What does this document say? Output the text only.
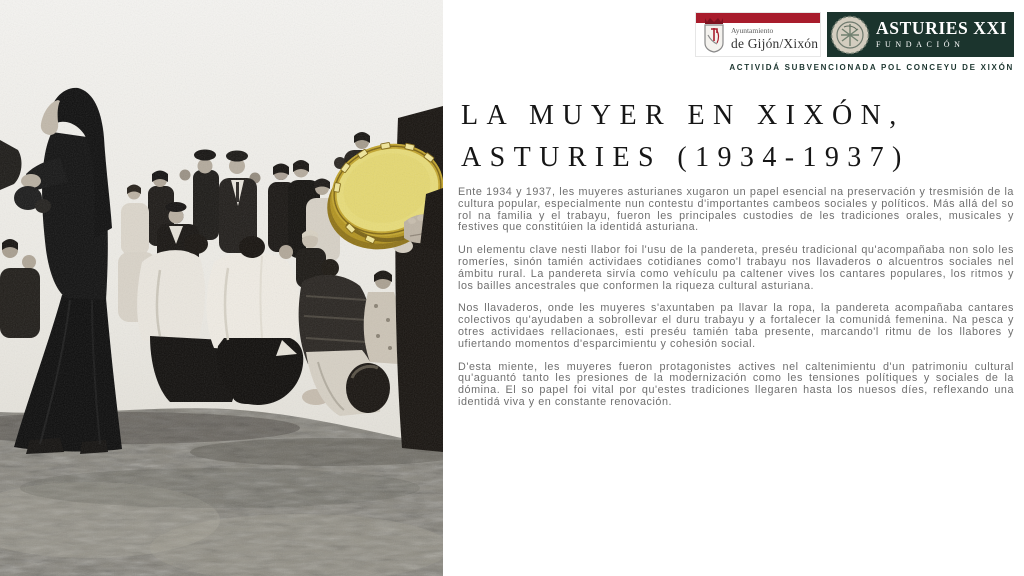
Ayuntamiento
de Gijón/Xixón
ASTURIES XXI
FUNDACIÓN
ACTIVIDÁ SUBVENCIONADA POL CONCEYU DE XIXÓN
LA MUYER EN XIXÓN,
ASTURIES (1934-1937)

Ente 1934 y 1937, les muyeres asturianes xugaron un papel esencial na preservación y tresmisión de la cultura popular, especialmente nun contestu d'importantes cambeos sociales y políticos. Más allá del so rol na familia y el trabayu, fueron les principales custodies de les tradiciones orales, musicales y festives que constitúien la identidá asturiana.

Un elementu clave nesti llabor foi l'usu de la pandereta, preséu tradicional qu'acompañaba non solo les romeríes, sinón tamién actividaes cotidianes como'l trabayu nos llavaderos o alcuentros sociales nel ámbitu rural. La pandereta sirvía como vehículu pa caltener vives los cantares populares, los ritmos y los bailles ancestrales que conformen la riqueza cultural asturiana.

Nos llavaderos, onde les muyeres s'axuntaben pa llavar la ropa, la pandereta acompañaba cantares colectivos qu'ayudaben a sobrollevar el duru trabayu y a fortalecer la comunidá femenina. Na pesca y otres actividaes rellacionaes, esti preséu tamién taba presente, marcando'l ritmu de los llabores y ufiertando momentos d'esparcimientu y cohesión social.

D'esta miente, les muyeres fueron protagonistes actives nel caltenimientu d'un patrimoniu cultural qu'aguantó tanto les presiones de la modernización como les tensiones polítiques y sociales de la dómina. El so papel foi vital por qu'estes tradiciones llegaren hasta los nuesos díes, reflexando una identidá viva y en constante renovación.
